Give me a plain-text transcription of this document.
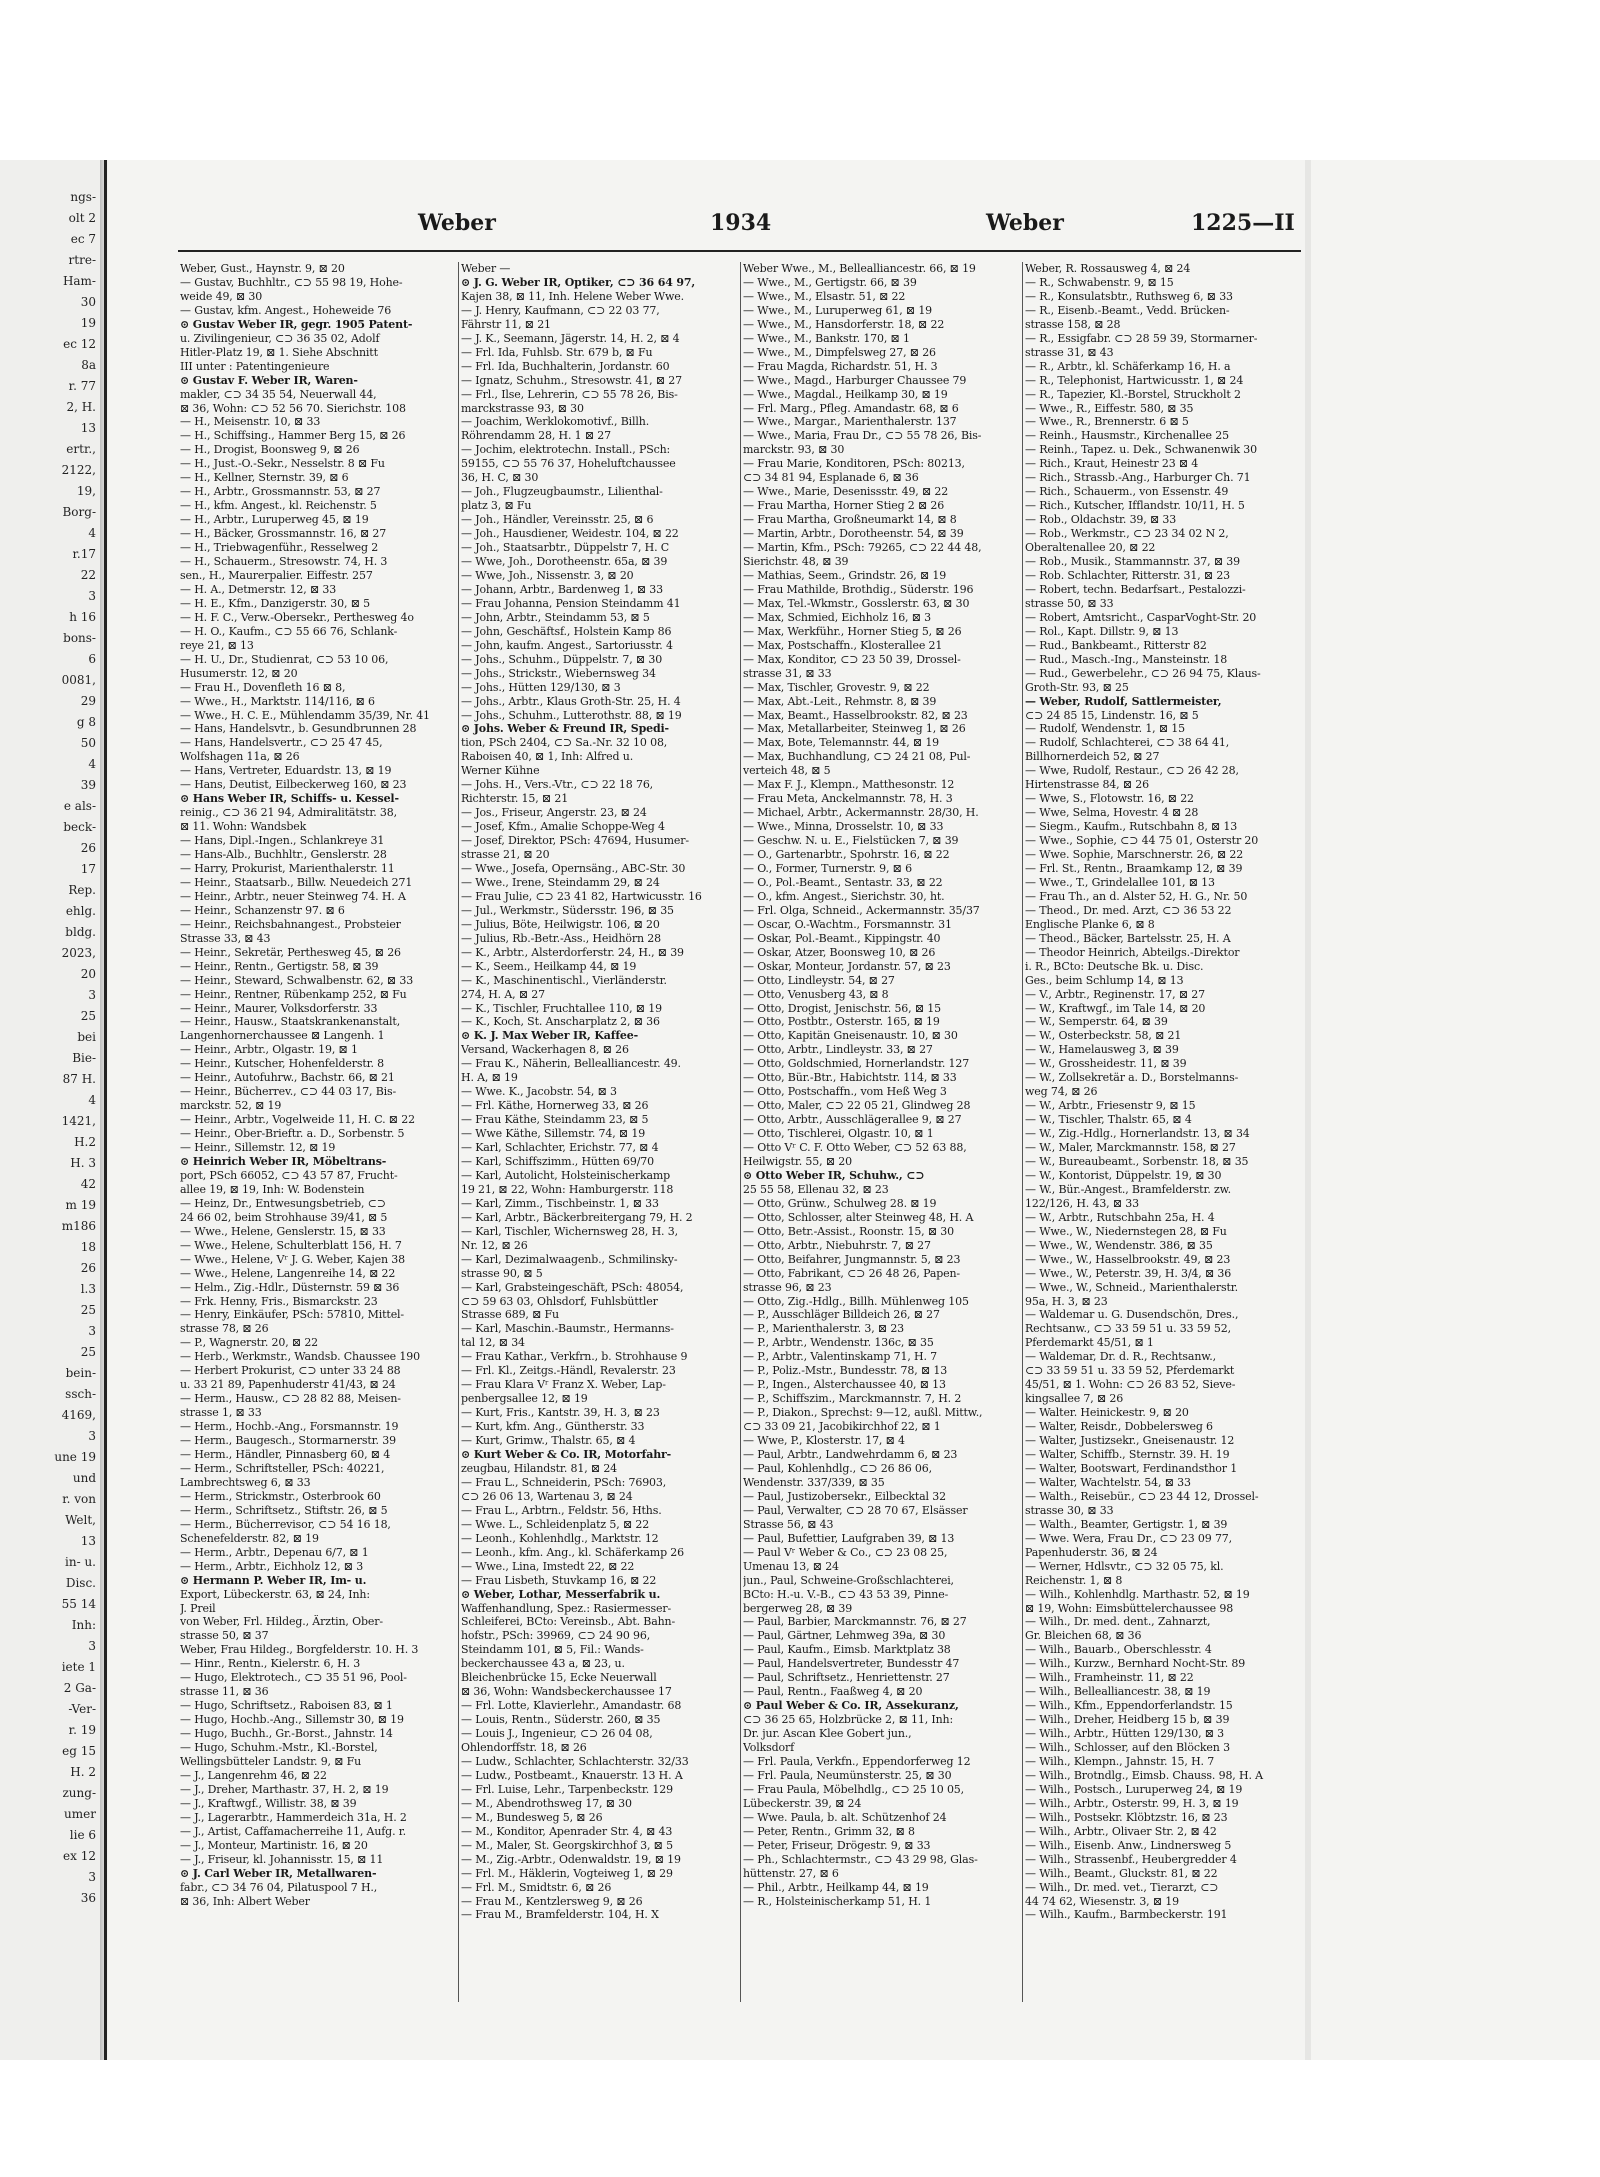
ngs-
olt 2
ec 7
rtre-
Ham-
30
19
ec 12
8a
r. 77
2, H.
13
ertr.,
2122,
19,
Borg-
4
r.17
22
3
h 16
bons-
6
0081,
29
g 8
50
4
39
e als-
beck-
26
17
Rep.
ehlg.
bldg.
2023,
20
3
25
bei
Bie-
87 H.
4
1421,
H.2
H. 3
42
m 19
m186
18
26
l.3
25
3
25
bein-
ssch-
4169,
3
une 19
und
r. von
Welt,
13
in- u.
Disc.
55 14
Inh:
3
iete 1
2 Ga-
-Ver-
r. 19
eg 15
H. 2
zung-
umer
lie 6
ex 12
3
36
Weber	1934	Weber	1225—II
Weber, Gust., Haynstr. 9, ⊠ 20
— Gustav, Buchhltr., ⊂⊃ 55 98 19, Hohe-
weide 49, ⊠ 30
— Gustav, kfm. Angest., Hoheweide 76
⊙ Gustav Weber IR, gegr. 1905 Patent-
u. Zivilingenieur, ⊂⊃ 36 35 02, Adolf
Hitler-Platz 19, ⊠ 1. Siehe Abschnitt
III unter : Patentingenieure
⊙ Gustav F. Weber IR, Waren-
makler, ⊂⊃ 34 35 54, Neuerwall 44,
⊠ 36, Wohn: ⊂⊃ 52 56 70. Sierichstr. 108
— H., Meisenstr. 10, ⊠ 33
— H., Schiffsing., Hammer Berg 15, ⊠ 26
— H., Drogist, Boonsweg 9, ⊠ 26
— H., Just.-O.-Sekr., Nesselstr. 8 ⊠ Fu
— H., Kellner, Sternstr. 39, ⊠ 6
— H., Arbtr., Grossmannstr. 53, ⊠ 27
— H., kfm. Angest., kl. Reichenstr. 5
— H., Arbtr., Luruperweg 45, ⊠ 19
— H., Bäcker, Grossmannstr. 16, ⊠ 27
— H., Triebwagenführ., Resselweg 2
— H., Schauerm., Stresowstr. 74, H. 3
sen., H., Maurerpalier. Eiffestr. 257
— H. A., Detmerstr. 12, ⊠ 33
— H. E., Kfm., Danzigerstr. 30, ⊠ 5
— H. F. C., Verw.-Obersekr., Perthesweg 4o
— H. O., Kaufm., ⊂⊃ 55 66 76, Schlank-
reye 21, ⊠ 13
— H. U., Dr., Studienrat, ⊂⊃ 53 10 06,
Husumerstr. 12, ⊠ 20
— Frau H., Dovenfleth 16 ⊠ 8,
— Wwe., H., Marktstr. 114/116, ⊠ 6
— Wwe., H. C. E., Mühlendamm 35/39, Nr. 41
— Hans, Handelsvtr., b. Gesundbrunnen 28
— Hans, Handelsvertr., ⊂⊃ 25 47 45,
Wolfshagen 11a, ⊠ 26
— Hans, Vertreter, Eduardstr. 13, ⊠ 19
— Hans, Deutist, Eilbeckerweg 160, ⊠ 23
⊙ Hans Weber IR, Schiffs- u. Kessel-
reinig., ⊂⊃ 36 21 94, Admiralitätstr. 38,
⊠ 11. Wohn: Wandsbek
— Hans, Dipl.-Ingen., Schlankreye 31
— Hans-Alb., Buchhltr., Genslerstr. 28
— Harry, Prokurist, Marienthalerstr. 11
— Heinr., Staatsarb., Billw. Neuedeich 271
— Heinr., Arbtr., neuer Steinweg 74. H. A
— Heinr., Schanzenstr 97. ⊠ 6
— Heinr., Reichsbahnangest., Probsteier
Strasse 33, ⊠ 43
— Heinr., Sekretär, Perthesweg 45, ⊠ 26
— Heinr., Rentn., Gertigstr. 58, ⊠ 39
— Heinr., Steward, Schwalbenstr. 62, ⊠ 33
— Heinr., Rentner, Rübenkamp 252, ⊠ Fu
— Heinr., Maurer, Volksdorferstr. 33
— Heinr., Hausw., Staatskrankenanstalt,
Langenhornerchaussee ⊠ Langenh. 1
— Heinr., Arbtr., Olgastr. 19, ⊠ 1
— Heinr., Kutscher, Hohenfelderstr. 8
— Heinr., Autofuhrw., Bachstr. 66, ⊠ 21
— Heinr., Bücherrev., ⊂⊃ 44 03 17, Bis-
marckstr. 52, ⊠ 19
— Heinr., Arbtr., Vogelweide 11, H. C. ⊠ 22
— Heinr., Ober-Brieftr. a. D., Sorbenstr. 5
— Heinr., Sillemstr. 12, ⊠ 19
⊙ Heinrich Weber IR, Möbeltrans-
port, PSch 66052, ⊂⊃ 43 57 87, Frucht-
allee 19, ⊠ 19, Inh: W. Bodenstein
— Heinz, Dr., Entwesungsbetrieb, ⊂⊃
24 66 02, beim Strohhause 39/41, ⊠ 5
— Wwe., Helene, Genslerstr. 15, ⊠ 33
— Wwe., Helene, Schulterblatt 156, H. 7
— Wwe., Helene, Vʳ J. G. Weber, Kajen 38
— Wwe., Helene, Langenreihe 14, ⊠ 22
— Helm., Zig.-Hdlr., Düsternstr. 59 ⊠ 36
— Frk. Henny, Fris., Bismarckstr. 23
— Henry, Einkäufer, PSch: 57810, Mittel-
strasse 78, ⊠ 26
— P., Wagnerstr. 20, ⊠ 22
— Herb., Werkmstr., Wandsb. Chaussee 190
— Herbert Prokurist, ⊂⊃ unter 33 24 88
u. 33 21 89, Papenhuderstr 41/43, ⊠ 24
— Herm., Hausw., ⊂⊃ 28 82 88, Meisen-
strasse 1, ⊠ 33
— Herm., Hochb.-Ang., Forsmannstr. 19
— Herm., Baugesch., Stormarnerstr. 39
— Herm., Händler, Pinnasberg 60, ⊠ 4
— Herm., Schriftsteller, PSch: 40221,
Lambrechtsweg 6, ⊠ 33
— Herm., Strickmstr., Osterbrook 60
— Herm., Schriftsetz., Stiftstr. 26, ⊠ 5
— Herm., Bücherrevisor, ⊂⊃ 54 16 18,
Schenefelderstr. 82, ⊠ 19
— Herm., Arbtr., Depenau 6/7, ⊠ 1
— Herm., Arbtr., Eichholz 12, ⊠ 3
⊙ Hermann P. Weber IR, Im- u.
Export, Lübeckerstr. 63, ⊠ 24, Inh:
J. Preil
von Weber, Frl. Hildeg., Ärztin, Ober-
strasse 50, ⊠ 37
Weber, Frau Hildeg., Borgfelderstr. 10. H. 3
— Hinr., Rentn., Kielerstr. 6, H. 3
— Hugo, Elektrotech., ⊂⊃ 35 51 96, Pool-
strasse 11, ⊠ 36
— Hugo, Schriftsetz., Raboisen 83, ⊠ 1
— Hugo, Hochb.-Ang., Sillemstr 30, ⊠ 19
— Hugo, Buchh., Gr.-Borst., Jahnstr. 14
— Hugo, Schuhm.-Mstr., Kl.-Borstel,
Wellingsbütteler Landstr. 9, ⊠ Fu
— J., Langenrehm 46, ⊠ 22
— J., Dreher, Marthastr. 37, H. 2, ⊠ 19
— J., Kraftwgf., Willistr. 38, ⊠ 39
— J., Lagerarbtr., Hammerdeich 31a, H. 2
— J., Artist, Caffamacherreihe 11, Aufg. r.
— J., Monteur, Martinistr. 16, ⊠ 20
— J., Friseur, kl. Johannisstr. 15, ⊠ 11
⊙ J. Carl Weber IR, Metallwaren-
fabr., ⊂⊃ 34 76 04, Pilatuspool 7 H.,
⊠ 36, Inh: Albert Weber
Weber —
⊙ J. G. Weber IR, Optiker, ⊂⊃ 36 64 97,
Kajen 38, ⊠ 11, Inh. Helene Weber Wwe.
— J. Henry, Kaufmann, ⊂⊃ 22 03 77,
Fährstr 11, ⊠ 21
— J. K., Seemann, Jägerstr. 14, H. 2, ⊠ 4
— Frl. Ida, Fuhlsb. Str. 679 b, ⊠ Fu
— Frl. Ida, Buchhalterin, Jordanstr. 60
— Ignatz, Schuhm., Stresowstr. 41, ⊠ 27
— Frl., Ilse, Lehrerin, ⊂⊃ 55 78 26, Bis-
marckstrasse 93, ⊠ 30
— Joachim, Werklokomotivf., Billh.
Röhrendamm 28, H. 1 ⊠ 27
— Jochim, elektrotechn. Install., PSch:
59155, ⊂⊃ 55 76 37, Hoheluftchaussee
36, H. C, ⊠ 30
— Joh., Flugzeugbaumstr., Lilienthal-
platz 3, ⊠ Fu
— Joh., Händler, Vereinsstr. 25, ⊠ 6
— Joh., Hausdiener, Weidestr. 104, ⊠ 22
— Joh., Staatsarbtr., Düppelstr 7, H. C
— Wwe, Joh., Dorotheenstr. 65a, ⊠ 39
— Wwe, Joh., Nissenstr. 3, ⊠ 20
— Johann, Arbtr., Bardenweg 1, ⊠ 33
— Frau Johanna, Pension Steindamm 41
— John, Arbtr., Steindamm 53, ⊠ 5
— John, Geschäftsf., Holstein Kamp 86
— John, kaufm. Angest., Sartoriusstr. 4
— Johs., Schuhm., Düppelstr. 7, ⊠ 30
— Johs., Strickstr., Wiebernsweg 34
— Johs., Hütten 129/130, ⊠ 3
— Johs., Arbtr., Klaus Groth-Str. 25, H. 4
— Johs., Schuhm., Lutterothstr. 88, ⊠ 19
⊙ Johs. Weber & Freund IR, Spedi-
tion, PSch 2404, ⊂⊃ Sa.-Nr. 32 10 08,
Raboisen 40, ⊠ 1, Inh: Alfred u.
Werner Kühne
— Johs. H., Vers.-Vtr., ⊂⊃ 22 18 76,
Richterstr. 15, ⊠ 21
— Jos., Friseur, Angerstr. 23, ⊠ 24
— Josef, Kfm., Amalie Schoppe-Weg 4
— Josef, Direktor, PSch: 47694, Husumer-
strasse 21, ⊠ 20
— Wwe., Josefa, Opernsäng., ABC-Str. 30
— Wwe., Irene, Steindamm 29, ⊠ 24
— Frau Julie, ⊂⊃ 23 41 82, Hartwicusstr. 16
— Jul., Werkmstr., Südersstr. 196, ⊠ 35
— Julius, Böte, Heilwigstr. 106, ⊠ 20
— Julius, Rb.-Betr.-Ass., Heidhörn 28
— K., Arbtr., Alsterdorferstr. 24, H., ⊠ 39
— K., Seem., Heilkamp 44, ⊠ 19
— K., Maschinentischl., Vierländerstr.
274, H. A, ⊠ 27
— K., Tischler, Fruchtallee 110, ⊠ 19
— K., Koch, St. Anscharplatz 2, ⊠ 36
⊙ K. J. Max Weber IR, Kaffee-
Versand, Wackerhagen 8, ⊠ 26
— Frau K., Näherin, Bellealliancestr. 49.
H. A, ⊠ 19
— Wwe. K., Jacobstr. 54, ⊠ 3
— Frl. Käthe, Hornerweg 33, ⊠ 26
— Frau Käthe, Steindamm 23, ⊠ 5
— Wwe Käthe, Sillemstr. 74, ⊠ 19
— Karl, Schlachter, Erichstr. 77, ⊠ 4
— Karl, Schiffszimm., Hütten 69/70
— Karl, Autolicht, Holsteinischerkamp
19 21, ⊠ 22, Wohn: Hamburgerstr. 118
— Karl, Zimm., Tischbeinstr. 1, ⊠ 33
— Karl, Arbtr., Bäckerbreitergang 79, H. 2
— Karl, Tischler, Wichernsweg 28, H. 3,
Nr. 12, ⊠ 26
— Karl, Dezimalwaagenb., Schmilinsky-
strasse 90, ⊠ 5
— Karl, Grabsteingeschäft, PSch: 48054,
⊂⊃ 59 63 03, Ohlsdorf, Fuhlsbüttler
Strasse 689, ⊠ Fu
— Karl, Maschin.-Baumstr., Hermanns-
tal 12, ⊠ 34
— Frau Kathar., Verkfrn., b. Strohhause 9
— Frl. Kl., Zeitgs.-Händl, Revalerstr. 23
— Frau Klara Vʳ Franz X. Weber, Lap-
penbergsallee 12, ⊠ 19
— Kurt, Fris., Kantstr. 39, H. 3, ⊠ 23
— Kurt, kfm. Ang., Güntherstr. 33
— Kurt, Grimw., Thalstr. 65, ⊠ 4
⊙ Kurt Weber & Co. IR, Motorfahr-
zeugbau, Hilandstr. 81, ⊠ 24
— Frau L., Schneiderin, PSch: 76903,
⊂⊃ 26 06 13, Wartenau 3, ⊠ 24
— Frau L., Arbtrn., Feldstr. 56, Hths.
— Wwe. L., Schleidenplatz 5, ⊠ 22
— Leonh., Kohlenhdlg., Marktstr. 12
— Leonh., kfm. Ang., kl. Schäferkamp 26
— Wwe., Lina, Imstedt 22, ⊠ 22
— Frau Lisbeth, Stuvkamp 16, ⊠ 22
⊙ Weber, Lothar, Messerfabrik u.
Waffenhandlung, Spez.: Rasiermesser-
Schleiferei, BCto: Vereinsb., Abt. Bahn-
hofstr., PSch: 39969, ⊂⊃ 24 90 96,
Steindamm 101, ⊠ 5, Fil.: Wands-
beckerchaussee 43 a, ⊠ 23, u.
Bleichenbrücke 15, Ecke Neuerwall
⊠ 36, Wohn: Wandsbeckerchaussee 17
— Frl. Lotte, Klavierlehr., Amandastr. 68
— Louis, Rentn., Süderstr. 260, ⊠ 35
— Louis J., Ingenieur, ⊂⊃ 26 04 08,
Ohlendorffstr. 18, ⊠ 26
— Ludw., Schlachter, Schlachterstr. 32/33
— Ludw., Postbeamt., Knauerstr. 13 H. A
— Frl. Luise, Lehr., Tarpenbeckstr. 129
— M., Abendrothsweg 17, ⊠ 30
— M., Bundesweg 5, ⊠ 26
— M., Konditor, Apenrader Str. 4, ⊠ 43
— M., Maler, St. Georgskirchhof 3, ⊠ 5
— M., Zig.-Arbtr., Odenwaldstr. 19, ⊠ 19
— Frl. M., Häklerin, Vogteiweg 1, ⊠ 29
— Frl. M., Smidtstr. 6, ⊠ 26
— Frau M., Kentzlersweg 9, ⊠ 26
— Frau M., Bramfelderstr. 104, H. X
Weber Wwe., M., Bellealliancestr. 66, ⊠ 19
— Wwe., M., Gertigstr. 66, ⊠ 39
— Wwe., M., Elsastr. 51, ⊠ 22
— Wwe., M., Luruperweg 61, ⊠ 19
— Wwe., M., Hansdorferstr. 18, ⊠ 22
— Wwe., M., Bankstr. 170, ⊠ 1
— Wwe., M., Dimpfelsweg 27, ⊠ 26
— Frau Magda, Richardstr. 51, H. 3
— Wwe., Magd., Harburger Chaussee 79
— Wwe., Magdal., Heilkamp 30, ⊠ 19
— Frl. Marg., Pfleg. Amandastr. 68, ⊠ 6
— Wwe., Margar., Marienthalerstr. 137
— Wwe., Maria, Frau Dr., ⊂⊃ 55 78 26, Bis-
marckstr. 93, ⊠ 30
— Frau Marie, Konditoren, PSch: 80213,
⊂⊃ 34 81 94, Esplanade 6, ⊠ 36
— Wwe., Marie, Desenissstr. 49, ⊠ 22
— Frau Martha, Horner Stieg 2 ⊠ 26
— Frau Martha, Großneumarkt 14, ⊠ 8
— Martin, Arbtr., Dorotheenstr. 54, ⊠ 39
— Martin, Kfm., PSch: 79265, ⊂⊃ 22 44 48,
Sierichstr. 48, ⊠ 39
— Mathias, Seem., Grindstr. 26, ⊠ 19
— Frau Mathilde, Brothdig., Süderstr. 196
— Max, Tel.-Wkmstr., Gosslerstr. 63, ⊠ 30
— Max, Schmied, Eichholz 16, ⊠ 3
— Max, Werkführ., Horner Stieg 5, ⊠ 26
— Max, Postschaffn., Klosterallee 21
— Max, Konditor, ⊂⊃ 23 50 39, Drossel-
strasse 31, ⊠ 33
— Max, Tischler, Grovestr. 9, ⊠ 22
— Max, Abt.-Leit., Rehmstr. 8, ⊠ 39
— Max, Beamt., Hasselbrookstr. 82, ⊠ 23
— Max, Metallarbeiter, Steinweg 1, ⊠ 26
— Max, Bote, Telemannstr. 44, ⊠ 19
— Max, Buchhandlung, ⊂⊃ 24 21 08, Pul-
verteich 48, ⊠ 5
— Max F. J., Klempn., Matthesonstr. 12
— Frau Meta, Anckelmannstr. 78, H. 3
— Michael, Arbtr., Ackermannstr. 28/30, H.
— Wwe., Minna, Drosselstr. 10, ⊠ 33
— Geschw. N. u. E., Fielstücken 7, ⊠ 39
— O., Gartenarbtr., Spohrstr. 16, ⊠ 22
— O., Former, Turnerstr. 9, ⊠ 6
— O., Pol.-Beamt., Sentastr. 33, ⊠ 22
— O., kfm. Angest., Sierichstr. 30, ht.
— Frl. Olga, Schneid., Ackermannstr. 35/37
— Oscar, O.-Wachtm., Forsmannstr. 31
— Oskar, Pol.-Beamt., Kippingstr. 40
— Oskar, Atzer, Boonsweg 10, ⊠ 26
— Oskar, Monteur, Jordanstr. 57, ⊠ 23
— Otto, Lindleystr. 54, ⊠ 27
— Otto, Venusberg 43, ⊠ 8
— Otto, Drogist, Jenischstr. 56, ⊠ 15
— Otto, Postbtr., Osterstr. 165, ⊠ 19
— Otto, Kapitän Gneisenaustr. 10, ⊠ 30
— Otto, Arbtr., Lindleystr. 33, ⊠ 27
— Otto, Goldschmied, Hornerlandstr. 127
— Otto, Bür.-Btr., Habichtstr. 114, ⊠ 33
— Otto, Postschaffn., vom Heß Weg 3
— Otto, Maler, ⊂⊃ 22 05 21, Glindweg 28
— Otto, Arbtr., Ausschlägerallee 9, ⊠ 27
— Otto, Tischlerei, Olgastr. 10, ⊠ 1
— Otto Vʳ C. F. Otto Weber, ⊂⊃ 52 63 88,
Heilwigstr. 55, ⊠ 20
⊙ Otto Weber IR, Schuhw., ⊂⊃
25 55 58, Ellenau 32, ⊠ 23
— Otto, Grünw., Schulweg 28. ⊠ 19
— Otto, Schlosser, alter Steinweg 48, H. A
— Otto, Betr.-Assist., Roonstr. 15, ⊠ 30
— Otto, Arbtr., Niebuhrstr. 7, ⊠ 27
— Otto, Beifahrer, Jungmannstr. 5, ⊠ 23
— Otto, Fabrikant, ⊂⊃ 26 48 26, Papen-
strasse 96, ⊠ 23
— Otto, Zig.-Hdlg., Billh. Mühlenweg 105
— P., Ausschläger Billdeich 26, ⊠ 27
— P., Marienthalerstr. 3, ⊠ 23
— P., Arbtr., Wendenstr. 136c, ⊠ 35
— P., Arbtr., Valentinskamp 71, H. 7
— P., Poliz.-Mstr., Bundesstr. 78, ⊠ 13
— P., Ingen., Alsterchaussee 40, ⊠ 13
— P., Schiffszim., Marckmannstr. 7, H. 2
— P., Diakon., Sprechst: 9—12, außl. Mittw.,
⊂⊃ 33 09 21, Jacobikirchhof 22, ⊠ 1
— Wwe, P., Klosterstr. 17, ⊠ 4
— Paul, Arbtr., Landwehrdamm 6, ⊠ 23
— Paul, Kohlenhdlg., ⊂⊃ 26 86 06,
Wendenstr. 337/339, ⊠ 35
— Paul, Justizobersekr., Eilbecktal 32
— Paul, Verwalter, ⊂⊃ 28 70 67, Elsässer
Strasse 56, ⊠ 43
— Paul, Bufettier, Laufgraben 39, ⊠ 13
— Paul Vʳ Weber & Co., ⊂⊃ 23 08 25,
Umenau 13, ⊠ 24
jun., Paul, Schweine-Großschlachterei,
BCto: H.-u. V.-B., ⊂⊃ 43 53 39, Pinne-
bergerweg 28, ⊠ 39
— Paul, Barbier, Marckmannstr. 76, ⊠ 27
— Paul, Gärtner, Lehmweg 39a, ⊠ 30
— Paul, Kaufm., Eimsb. Marktplatz 38
— Paul, Handelsvertreter, Bundesstr 47
— Paul, Schriftsetz., Henriettenstr. 27
— Paul, Rentn., Faaßweg 4, ⊠ 20
⊙ Paul Weber & Co. IR, Assekuranz,
⊂⊃ 36 25 65, Holzbrücke 2, ⊠ 11, Inh:
Dr. jur. Ascan Klee Gobert jun.,
Volksdorf
— Frl. Paula, Verkfn., Eppendorferweg 12
— Frl. Paula, Neumünsterstr. 25, ⊠ 30
— Frau Paula, Möbelhdlg., ⊂⊃ 25 10 05,
Lübeckerstr. 39, ⊠ 24
— Wwe. Paula, b. alt. Schützenhof 24
— Peter, Rentn., Grimm 32, ⊠ 8
— Peter, Friseur, Drögestr. 9, ⊠ 33
— Ph., Schlachtermstr., ⊂⊃ 43 29 98, Glas-
hüttenstr. 27, ⊠ 6
— Phil., Arbtr., Heilkamp 44, ⊠ 19
— R., Holsteinischerkamp 51, H. 1
Weber, R. Rossausweg 4, ⊠ 24
— R., Schwabenstr. 9, ⊠ 15
— R., Konsulatsbtr., Ruthsweg 6, ⊠ 33
— R., Eisenb.-Beamt., Vedd. Brücken-
strasse 158, ⊠ 28
— R., Essigfabr. ⊂⊃ 28 59 39, Stormarner-
strasse 31, ⊠ 43
— R., Arbtr., kl. Schäferkamp 16, H. a
— R., Telephonist, Hartwicusstr. 1, ⊠ 24
— R., Tapezier, Kl.-Borstel, Struckholt 2
— Wwe., R., Eiffestr. 580, ⊠ 35
— Wwe., R., Brennerstr. 6 ⊠ 5
— Reinh., Hausmstr., Kirchenallee 25
— Reinh., Tapez. u. Dek., Schwanenwik 30
— Rich., Kraut, Heinestr 23 ⊠ 4
— Rich., Strassb.-Ang., Harburger Ch. 71
— Rich., Schauerm., von Essenstr. 49
— Rich., Kutscher, Ifflandstr. 10/11, H. 5
— Rob., Oldachstr. 39, ⊠ 33
— Rob., Werkmstr., ⊂⊃ 23 34 02 N 2,
Oberaltenallee 20, ⊠ 22
— Rob., Musik., Stammannstr. 37, ⊠ 39
— Rob. Schlachter, Ritterstr. 31, ⊠ 23
— Robert, techn. Bedarfsart., Pestalozzi-
strasse 50, ⊠ 33
— Robert, Amtsricht., CasparVoght-Str. 20
— Rol., Kapt. Dillstr. 9, ⊠ 13
— Rud., Bankbeamt., Ritterstr 82
— Rud., Masch.-Ing., Mansteinstr. 18
— Rud., Gewerbelehr., ⊂⊃ 26 94 75, Klaus-
Groth-Str. 93, ⊠ 25
— Weber, Rudolf, Sattlermeister,
⊂⊃ 24 85 15, Lindenstr. 16, ⊠ 5
— Rudolf, Wendenstr. 1, ⊠ 15
— Rudolf, Schlachterei, ⊂⊃ 38 64 41,
Billhornerdeich 52, ⊠ 27
— Wwe, Rudolf, Restaur., ⊂⊃ 26 42 28,
Hirtenstrasse 84, ⊠ 26
— Wwe, S., Flotowstr. 16, ⊠ 22
— Wwe, Selma, Hovestr. 4 ⊠ 28
— Siegm., Kaufm., Rutschbahn 8, ⊠ 13
— Wwe., Sophie, ⊂⊃ 44 75 01, Osterstr 20
— Wwe. Sophie, Marschnerstr. 26, ⊠ 22
— Frl. St., Rentn., Braamkamp 12, ⊠ 39
— Wwe., T., Grindelallee 101, ⊠ 13
— Frau Th., an d. Alster 52, H. G., Nr. 50
— Theod., Dr. med. Arzt, ⊂⊃ 36 53 22
Englische Planke 6, ⊠ 8
— Theod., Bäcker, Bartelsstr. 25, H. A
— Theodor Heinrich, Abteilgs.-Direktor
i. R., BCto: Deutsche Bk. u. Disc.
Ges., beim Schlump 14, ⊠ 13
— V., Arbtr., Reginenstr. 17, ⊠ 27
— W., Kraftwgf., im Tale 14, ⊠ 20
— W., Semperstr. 64, ⊠ 39
— W., Osterbeckstr. 58, ⊠ 21
— W., Hamelausweg 3, ⊠ 39
— W., Grossheidestr. 11, ⊠ 39
— W., Zollsekretär a. D., Borstelmanns-
weg 74, ⊠ 26
— W., Arbtr., Friesenstr 9, ⊠ 15
— W., Tischler, Thalstr. 65, ⊠ 4
— W., Zig.-Hdlg., Hornerlandstr. 13, ⊠ 34
— W., Maler, Marckmannstr. 158, ⊠ 27
— W., Bureaubeamt., Sorbenstr. 18, ⊠ 35
— W., Kontorist, Düppelstr. 19, ⊠ 30
— W., Bür.-Angest., Bramfelderstr. zw.
122/126, H. 43, ⊠ 33
— W., Arbtr., Rutschbahn 25a, H. 4
— Wwe., W., Niedernstegen 28, ⊠ Fu
— Wwe., W., Wendenstr. 386, ⊠ 35
— Wwe., W., Hasselbrookstr. 49, ⊠ 23
— Wwe., W., Peterstr. 39, H. 3/4, ⊠ 36
— Wwe., W., Schneid., Marienthalerstr.
95a, H. 3, ⊠ 23
— Waldemar u. G. Dusendschön, Dres.,
Rechtsanw., ⊂⊃ 33 59 51 u. 33 59 52,
Pferdemarkt 45/51, ⊠ 1
— Waldemar, Dr. d. R., Rechtsanw.,
⊂⊃ 33 59 51 u. 33 59 52, Pferdemarkt
45/51, ⊠ 1. Wohn: ⊂⊃ 26 83 52, Sieve-
kingsallee 7, ⊠ 26
— Walter. Heinickestr. 9, ⊠ 20
— Walter, Reisdr., Dobbelersweg 6
— Walter, Justizsekr., Gneisenaustr. 12
— Walter, Schiffb., Sternstr. 39. H. 19
— Walter, Bootswart, Ferdinandsthor 1
— Walter, Wachtelstr. 54, ⊠ 33
— Walth., Reisebür., ⊂⊃ 23 44 12, Drossel-
strasse 30, ⊠ 33
— Walth., Beamter, Gertigstr. 1, ⊠ 39
— Wwe. Wera, Frau Dr., ⊂⊃ 23 09 77,
Papenhuderstr. 36, ⊠ 24
— Werner, Hdlsvtr., ⊂⊃ 32 05 75, kl.
Reichenstr. 1, ⊠ 8
— Wilh., Kohlenhdlg. Marthastr. 52, ⊠ 19
⊠ 19, Wohn: Eimsbüttelerchaussee 98
— Wilh., Dr. med. dent., Zahnarzt,
Gr. Bleichen 68, ⊠ 36
— Wilh., Bauarb., Oberschlesstr. 4
— Wilh., Kurzw., Bernhard Nocht-Str. 89
— Wilh., Framheinstr. 11, ⊠ 22
— Wilh., Bellealliancestr. 38, ⊠ 19
— Wilh., Kfm., Eppendorferlandstr. 15
— Wilh., Dreher, Heidberg 15 b, ⊠ 39
— Wilh., Arbtr., Hütten 129/130, ⊠ 3
— Wilh., Schlosser, auf den Blöcken 3
— Wilh., Klempn., Jahnstr. 15, H. 7
— Wilh., Brotndlg., Eimsb. Chauss. 98, H. A
— Wilh., Postsch., Luruperweg 24, ⊠ 19
— Wilh., Arbtr., Osterstr. 99, H. 3, ⊠ 19
— Wilh., Postsekr. Klöbtzstr. 16, ⊠ 23
— Wilh., Arbtr., Olivaer Str. 2, ⊠ 42
— Wilh., Eisenb. Anw., Lindnersweg 5
— Wilh., Strassenbf., Heubergredder 4
— Wilh., Beamt., Gluckstr. 81, ⊠ 22
— Wilh., Dr. med. vet., Tierarzt, ⊂⊃
44 74 62, Wiesenstr. 3, ⊠ 19
— Wilh., Kaufm., Barmbeckerstr. 191
